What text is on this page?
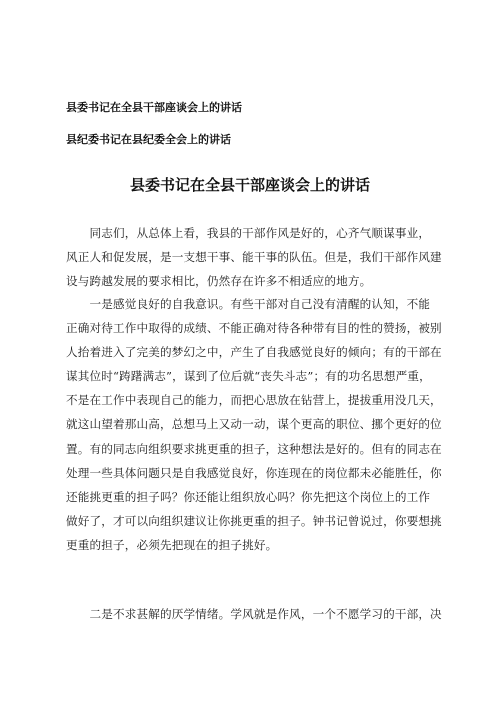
县委书记在全县干部座谈会上的讲话
县纪委书记在县纪委全会上的讲话
县委书记在全县干部座谈会上的讲话
　　同志们，从总体上看，我县的干部作风是好的，心齐气顺谋事业，
风正人和促发展，是一支想干事、能干事的队伍。但是，我们干部作风建
设与跨越发展的要求相比，仍然存在许多不相适应的地方。
　　一是感觉良好的自我意识。有些干部对自己没有清醒的认知，不能
正确对待工作中取得的成绩、不能正确对待各种带有目的性的赞扬，被别
人抬着进入了完美的梦幻之中，产生了自我感觉良好的倾向；有的干部在
谋其位时“踌躇满志”，谋到了位后就“丧失斗志”；有的功名思想严重，
不是在工作中表现自己的能力，而把心思放在钻营上，提拔重用没几天，
就这山望着那山高，总想马上又动一动，谋个更高的职位、挪个更好的位
置。有的同志向组织要求挑更重的担子，这种想法是好的。但有的同志在
处理一些具体问题只是自我感觉良好，你连现在的岗位都未必能胜任，你
还能挑更重的担子吗？你还能让组织放心吗？你先把这个岗位上的工作
做好了，才可以向组织建议让你挑更重的担子。钟书记曾说过，你要想挑
更重的担子，必须先把现在的担子挑好。
　　二是不求甚解的厌学情绪。学风就是作风，一个不愿学习的干部，决
